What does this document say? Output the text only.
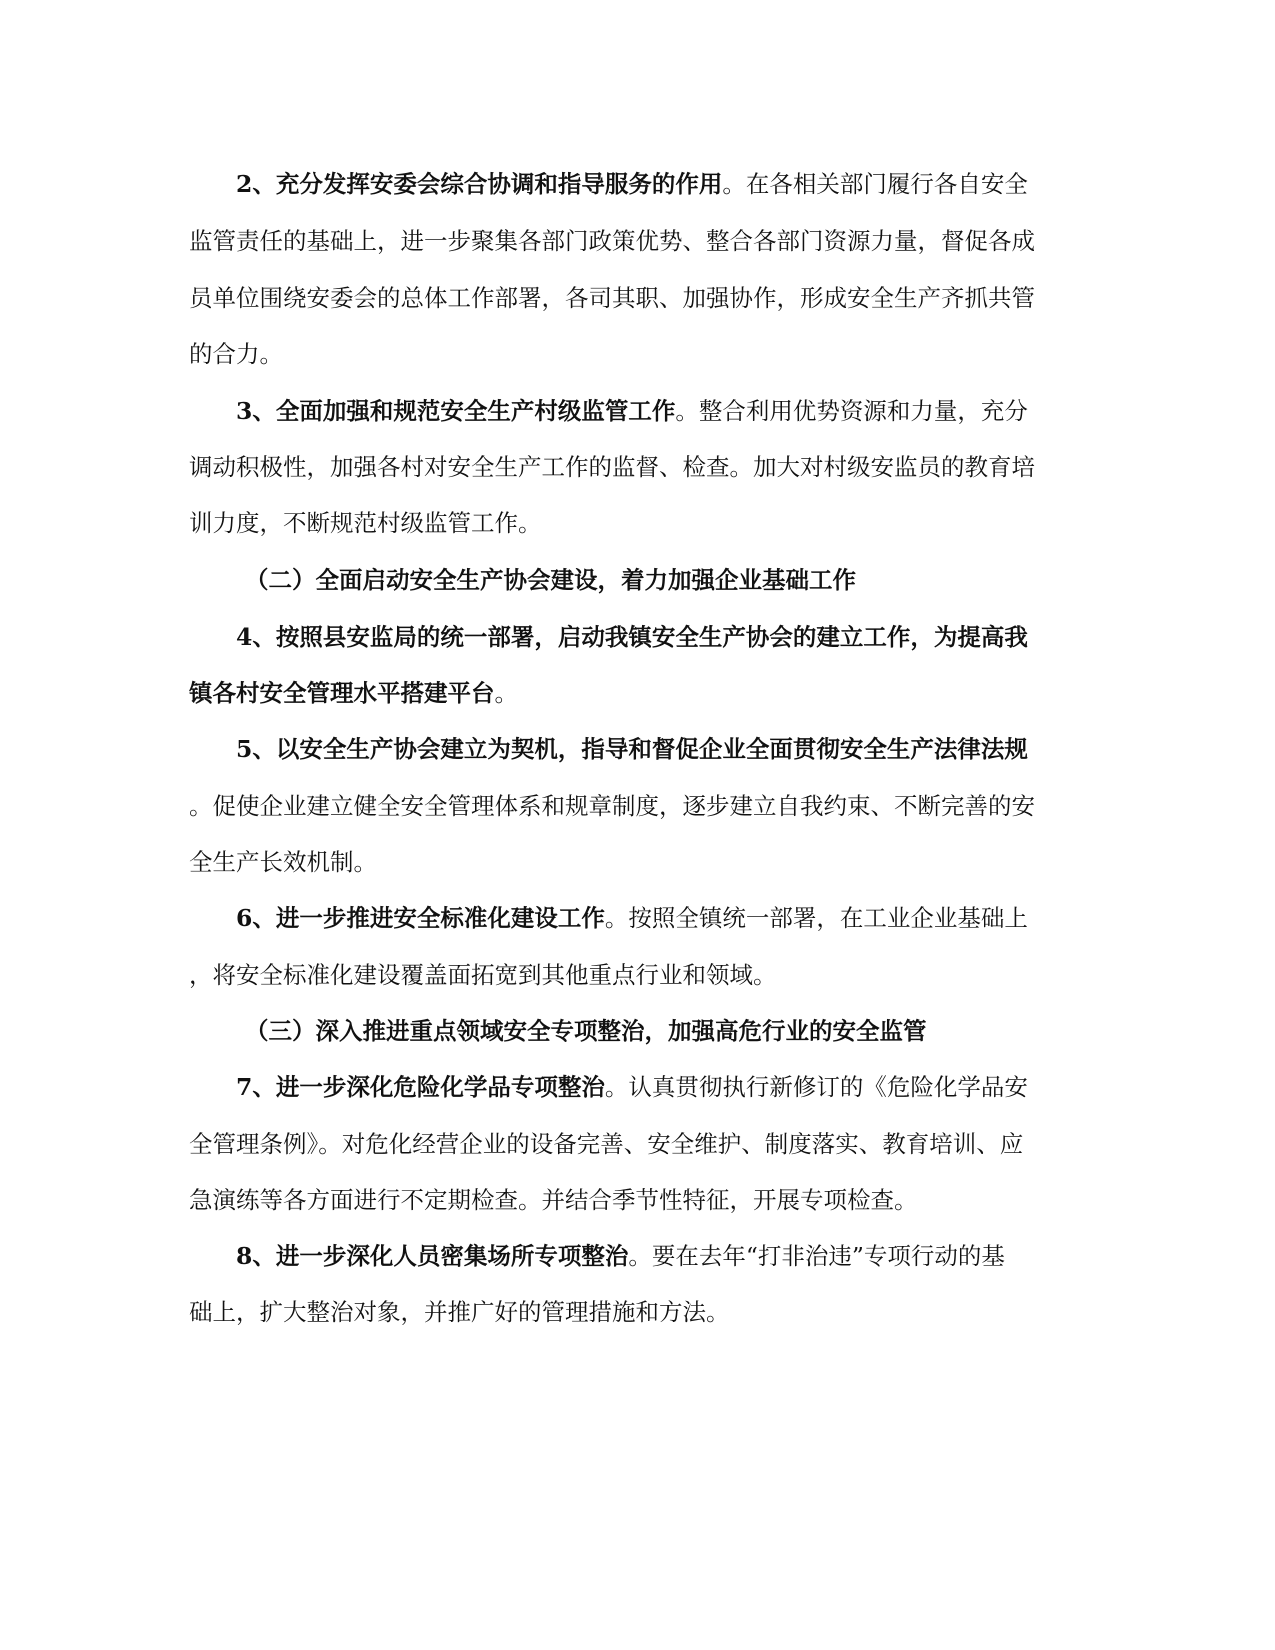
2、充分发挥安委会综合协调和指导服务的作用。在各相关部门履行各自安全
监管责任的基础上，进一步聚集各部门政策优势、整合各部门资源力量，督促各成
员单位围绕安委会的总体工作部署，各司其职、加强协作，形成安全生产齐抓共管
的合力。
3、全面加强和规范安全生产村级监管工作。整合利用优势资源和力量，充分
调动积极性，加强各村对安全生产工作的监督、检查。加大对村级安监员的教育培
训力度，不断规范村级监管工作。
（二）全面启动安全生产协会建设，着力加强企业基础工作
4、按照县安监局的统一部署，启动我镇安全生产协会的建立工作，为提高我
镇各村安全管理水平搭建平台。
5、以安全生产协会建立为契机，指导和督促企业全面贯彻安全生产法律法规
。促使企业建立健全安全管理体系和规章制度，逐步建立自我约束、不断完善的安
全生产长效机制。
6、进一步推进安全标准化建设工作。按照全镇统一部署，在工业企业基础上
，将安全标准化建设覆盖面拓宽到其他重点行业和领域。
（三）深入推进重点领域安全专项整治，加强高危行业的安全监管
7、进一步深化危险化学品专项整治。认真贯彻执行新修订的《危险化学品安
全管理条例》。对危化经营企业的设备完善、安全维护、制度落实、教育培训、应
急演练等各方面进行不定期检查。并结合季节性特征，开展专项检查。
8、进一步深化人员密集场所专项整治。要在去年“打非治违”专项行动的基
础上，扩大整治对象，并推广好的管理措施和方法。
